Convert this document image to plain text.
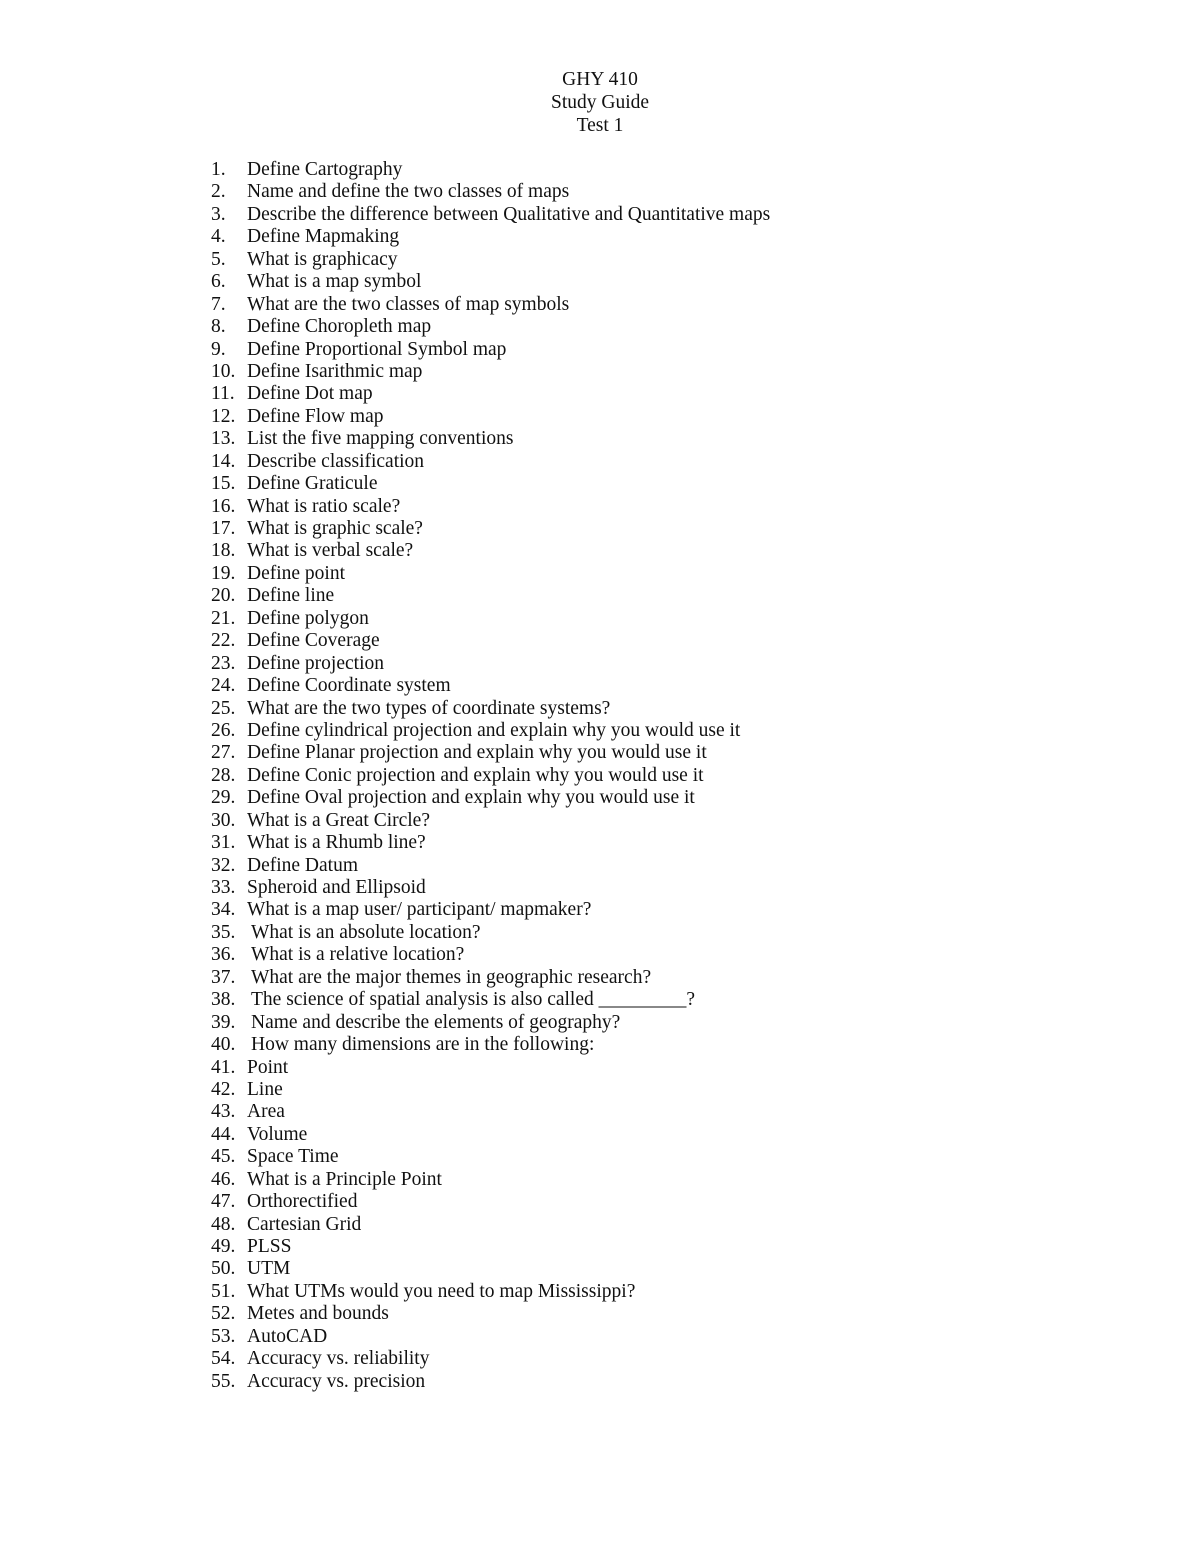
GHY 410
Study Guide
Test 1
1. Define Cartography
2. Name and define the two classes of maps
3. Describe the difference between Qualitative and Quantitative maps
4. Define Mapmaking
5. What is graphicacy
6. What is a map symbol
7. What are the two classes of map symbols
8. Define Choropleth map
9. Define Proportional Symbol map
10. Define Isarithmic map
11. Define Dot map
12. Define Flow map
13. List the five mapping conventions
14. Describe classification
15. Define Graticule
16. What is ratio scale?
17. What is graphic scale?
18. What is verbal scale?
19. Define point
20. Define line
21. Define polygon
22. Define Coverage
23. Define projection
24. Define Coordinate system
25. What are the two types of coordinate systems?
26. Define cylindrical projection and explain why you would use it
27. Define Planar projection and explain why you would use it
28. Define Conic projection and explain why you would use it
29. Define Oval projection and explain why you would use it
30. What is a Great Circle?
31. What is a Rhumb line?
32. Define Datum
33. Spheroid and Ellipsoid
34. What is a map user/ participant/ mapmaker?
35. What is an absolute location?
36. What is a relative location?
37. What are the major themes in geographic research?
38. The science of spatial analysis is also called _________?
39. Name and describe the elements of geography?
40. How many dimensions are in the following:
41. Point
42. Line
43. Area
44. Volume
45. Space Time
46. What is a Principle Point
47. Orthorectified
48. Cartesian Grid
49. PLSS
50. UTM
51. What UTMs would you need to map Mississippi?
52. Metes and bounds
53. AutoCAD
54. Accuracy vs. reliability
55. Accuracy vs. precision
